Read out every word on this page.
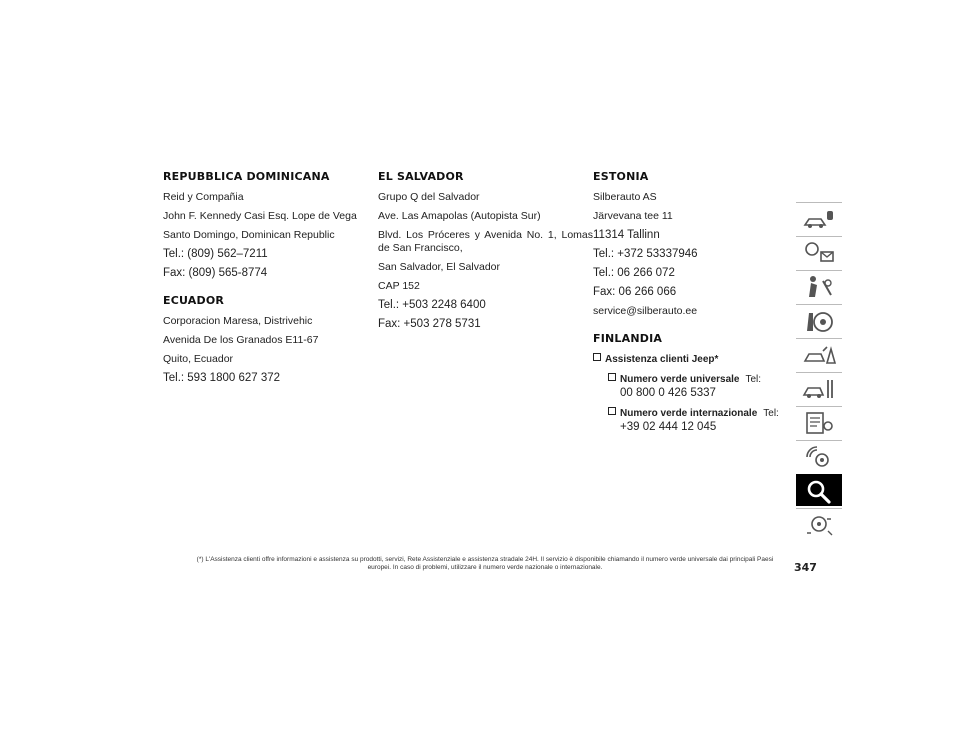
REPUBBLICA DOMINICANA

Reid y Compañia

John F. Kennedy Casi Esq. Lope de Vega

Santo Domingo, Dominican Republic

Tel.: (809) 562–7211

Fax: (809) 565-8774

ECUADOR

Corporacion Maresa, Distrivehic

Avenida De los Granados E11-67

Quito, Ecuador

Tel.: 593 1800 627 372

EL SALVADOR

Grupo Q del Salvador

Ave. Las Amapolas (Autopista Sur)

Blvd. Los Próceres y Avenida No. 1, Lomas de San Francisco,

San Salvador, El Salvador

CAP 152

Tel.: +503 2248 6400

Fax: +503 278 5731

ESTONIA

Silberauto AS

Järvevana tee 11

11314 Tallinn

Tel.: +372 53337946

Tel.: 06 266 072

Fax: 06 266 066

service@silberauto.ee

FINLANDIA
Assistenza clienti Jeep*
Numero verde universale Tel:
00 800 0 426 5337
Numero verde internazionale Tel:
+39 02 444 12 045
347
(*) L'Assistenza clienti offre informazioni e assistenza su prodotti, servizi, Rete Assistenziale e assistenza stradale 24H. Il servizio è disponibile chiamando il numero verde universale dai principali Paesi europei. In caso di problemi, utilizzare il numero verde nazionale o internazionale.
